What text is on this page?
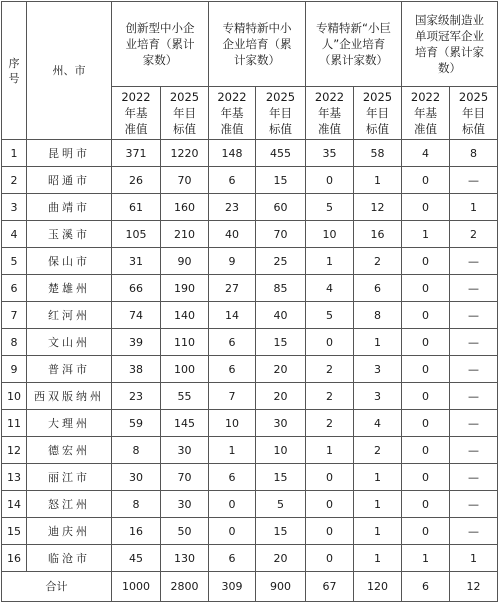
序号	州、市	创新型中小企业培育（累计家数）		专精特新中小企业培育（累计家数）		专精特新“小巨人”企业培育（累计家数）		国家级制造业单项冠军企业培育（累计家数）	
		2022年基准值	2025年目标值	2022年基准值	2025年目标值	2022年基准值	2025年目标值	2022年基准值	2025年目标值
1	昆明市	371	1220	148	455	35	58	4	8
2	昭通市	26	70	6	15	0	1	0	—
3	曲靖市	61	160	23	60	5	12	0	1
4	玉溪市	105	210	40	70	10	16	1	2
5	保山市	31	90	9	25	1	2	0	—
6	楚雄州	66	190	27	85	4	6	0	—
7	红河州	74	140	14	40	5	8	0	—
8	文山州	39	110	6	15	0	1	0	—
9	普洱市	38	100	6	20	2	3	0	—
10	西双版纳州	23	55	7	20	2	3	0	—
11	大理州	59	145	10	30	2	4	0	—
12	德宏州	8	30	1	10	1	2	0	—
13	丽江市	30	70	6	15	0	1	0	—
14	怒江州	8	30	0	5	0	1	0	—
15	迪庆州	16	50	0	15	0	1	0	—
16	临沧市	45	130	6	20	0	1	1	1
合计		1000	2800	309	900	67	120	6	12
